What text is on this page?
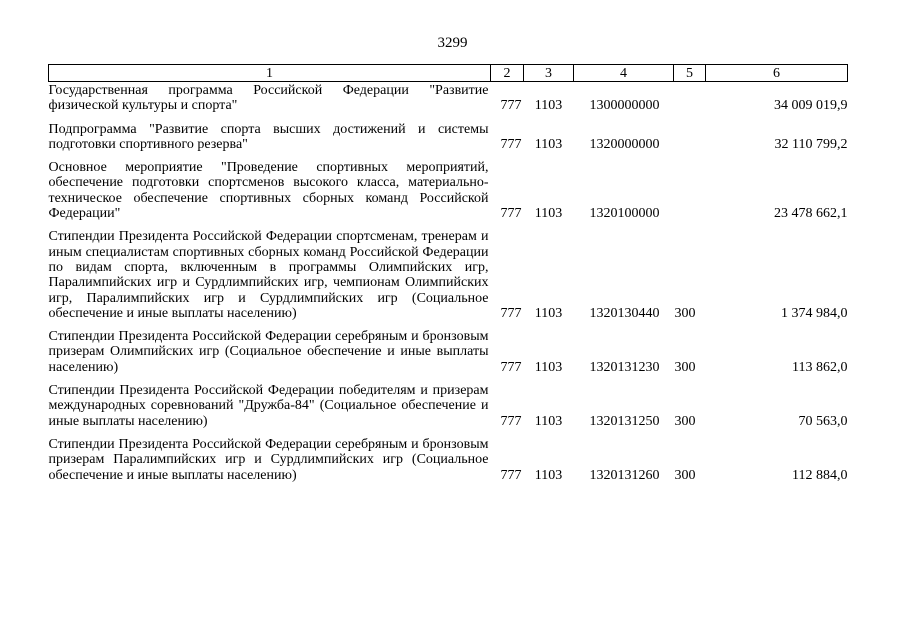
3299
1	2	3	4	5	6
Государственная программа Российской Федерации "Развитие физической культуры и спорта"	777	1103	1300000000		34 009 019,9
Подпрограмма "Развитие спорта высших достижений и системы подготовки спортивного резерва"	777	1103	1320000000		32 110 799,2
Основное мероприятие "Проведение спортивных мероприятий, обеспечение подготовки спортсменов высокого класса, материально-техническое обеспечение спортивных сборных команд Российской Федерации"	777	1103	1320100000		23 478 662,1
Стипендии Президента Российской Федерации спортсменам, тренерам и иным специалистам спортивных сборных команд Российской Федерации по видам спорта, включенным в программы Олимпийских игр, Паралимпийских игр и Сурдлимпийских игр, чемпионам Олимпийских игр, Паралимпийских игр и Сурдлимпийских игр (Социальное обеспечение и иные выплаты населению)	777	1103	1320130440	300	1 374 984,0
Стипендии Президента Российской Федерации серебряным и бронзовым призерам Олимпийских игр (Социальное обеспечение и иные выплаты населению)	777	1103	1320131230	300	113 862,0
Стипендии Президента Российской Федерации победителям и призерам международных соревнований "Дружба-84" (Социальное обеспечение и иные выплаты населению)	777	1103	1320131250	300	70 563,0
Стипендии Президента Российской Федерации серебряным и бронзовым призерам Паралимпийских игр и Сурдлимпийских игр (Социальное обеспечение и иные выплаты населению)	777	1103	1320131260	300	112 884,0
